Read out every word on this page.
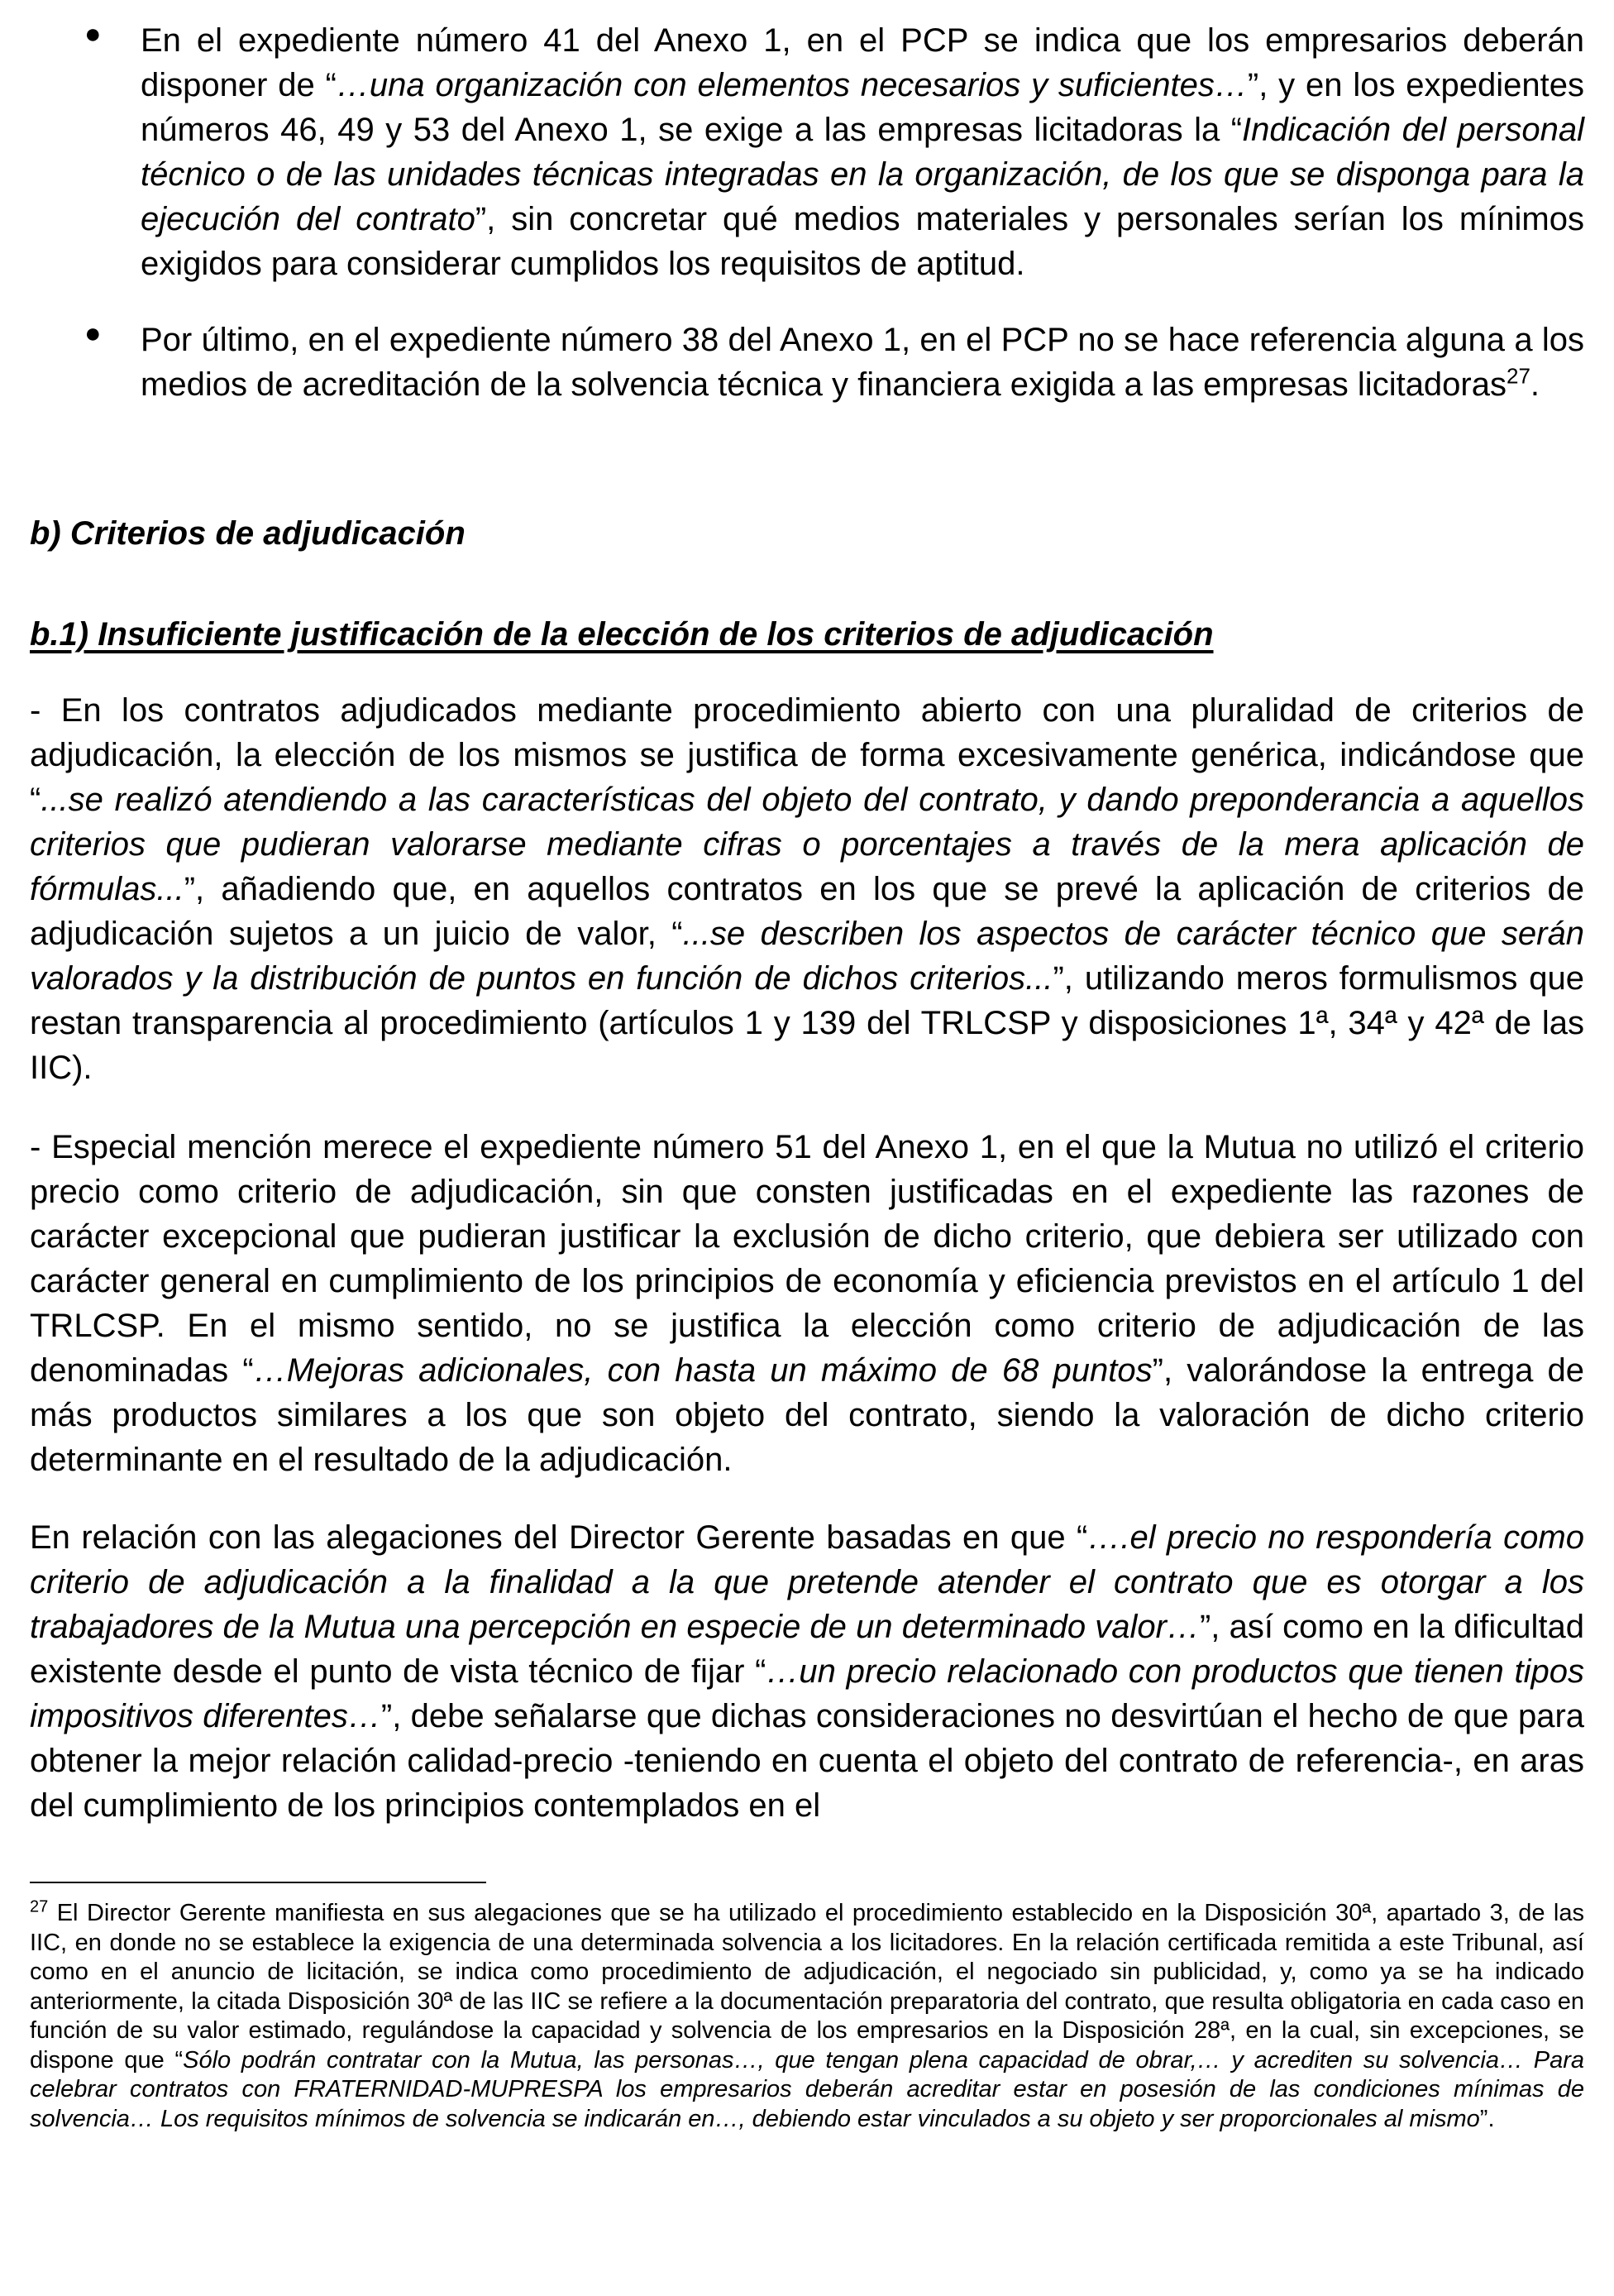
● En el expediente número 41 del Anexo 1, en el PCP se indica que los empresarios deberán disponer de “…una organización con elementos necesarios y suficientes…”, y en los expedientes números 46, 49 y 53 del Anexo 1, se exige a las empresas licitadoras la “Indicación del personal técnico o de las unidades técnicas integradas en la organización, de los que se disponga para la ejecución del contrato”, sin concretar qué medios materiales y personales serían los mínimos exigidos para considerar cumplidos los requisitos de aptitud.

● Por último, en el expediente número 38 del Anexo 1, en el PCP no se hace referencia alguna a los medios de acreditación de la solvencia técnica y financiera exigida a las empresas licitadoras$^{27}$.

b) Criterios de adjudicación
b.1) Insuficiente justificación de la elección de los criterios de adjudicación

- En los contratos adjudicados mediante procedimiento abierto con una pluralidad de criterios de adjudicación, la elección de los mismos se justifica de forma excesivamente genérica, indicándose que “...se realizó atendiendo a las características del objeto del contrato, y dando preponderancia a aquellos criterios que pudieran valorarse mediante cifras o porcentajes a través de la mera aplicación de fórmulas...”, añadiendo que, en aquellos contratos en los que se prevé la aplicación de criterios de adjudicación sujetos a un juicio de valor, “...se describen los aspectos de carácter técnico que serán valorados y la distribución de puntos en función de dichos criterios...”, utilizando meros formulismos que restan transparencia al procedimiento (artículos 1 y 139 del TRLCSP y disposiciones 1ª, 34ª y 42ª de las IIC).

- Especial mención merece el expediente número 51 del Anexo 1, en el que la Mutua no utilizó el criterio precio como criterio de adjudicación, sin que consten justificadas en el expediente las razones de carácter excepcional que pudieran justificar la exclusión de dicho criterio, que debiera ser utilizado con carácter general en cumplimiento de los principios de economía y eficiencia previstos en el artículo 1 del TRLCSP. En el mismo sentido, no se justifica la elección como criterio de adjudicación de las denominadas “…Mejoras adicionales, con hasta un máximo de 68 puntos”, valorándose la entrega de más productos similares a los que son objeto del contrato, siendo la valoración de dicho criterio determinante en el resultado de la adjudicación.

En relación con las alegaciones del Director Gerente basadas en que “….el precio no respondería como criterio de adjudicación a la finalidad a la que pretende atender el contrato que es otorgar a los trabajadores de la Mutua una percepción en especie de un determinado valor…”, así como en la dificultad existente desde el punto de vista técnico de fijar “…un precio relacionado con productos que tienen tipos impositivos diferentes…”, debe señalarse que dichas consideraciones no desvirtúan el hecho de que para obtener la mejor relación calidad-precio -teniendo en cuenta el objeto del contrato de referencia-, en aras del cumplimiento de los principios contemplados en el

$^{27}$ El Director Gerente manifiesta en sus alegaciones que se ha utilizado el procedimiento establecido en la Disposición 30ª, apartado 3, de las IIC, en donde no se establece la exigencia de una determinada solvencia a los licitadores. En la relación certificada remitida a este Tribunal, así como en el anuncio de licitación, se indica como procedimiento de adjudicación, el negociado sin publicidad, y, como ya se ha indicado anteriormente, la citada Disposición 30ª de las IIC se refiere a la documentación preparatoria del contrato, que resulta obligatoria en cada caso en función de su valor estimado, regulándose la capacidad y solvencia de los empresarios en la Disposición 28ª, en la cual, sin excepciones, se dispone que “Sólo podrán contratar con la Mutua, las personas…, que tengan plena capacidad de obrar,… y acrediten su solvencia… Para celebrar contratos con FRATERNIDAD-MUPRESPA los empresarios deberán acreditar estar en posesión de las condiciones mínimas de solvencia… Los requisitos mínimos de solvencia se indicarán en…, debiendo estar vinculados a su objeto y ser proporcionales al mismo”.
